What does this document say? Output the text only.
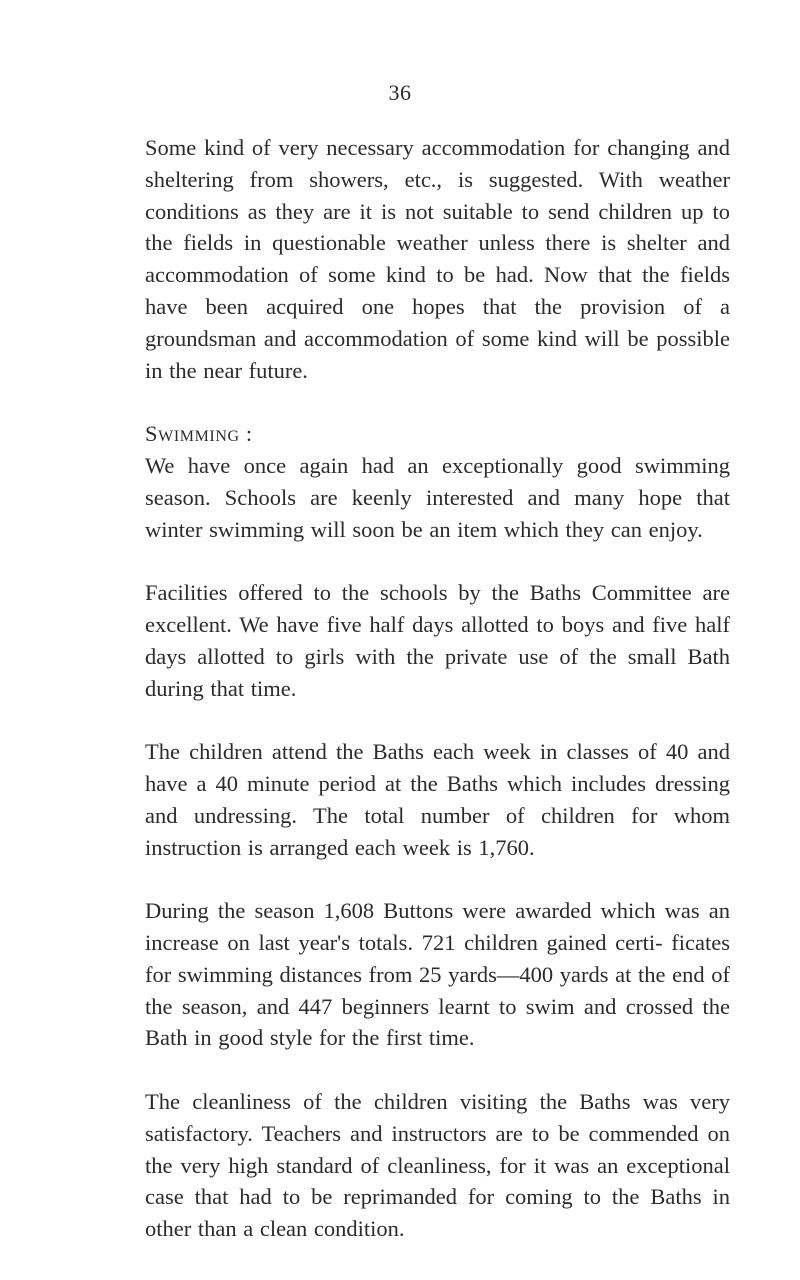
36

Some kind of very necessary accommodation for changing and sheltering from showers, etc., is suggested. With weather conditions as they are it is not suitable to send children up to the fields in questionable weather unless there is shelter and accommodation of some kind to be had. Now that the fields have been acquired one hopes that the provision of a groundsman and accommodation of some kind will be possible in the near future.

Swimming :

We have once again had an exceptionally good swimming season. Schools are keenly interested and many hope that winter swimming will soon be an item which they can enjoy.

Facilities offered to the schools by the Baths Committee are excellent. We have five half days allotted to boys and five half days allotted to girls with the private use of the small Bath during that time.

The children attend the Baths each week in classes of 40 and have a 40 minute period at the Baths which includes dressing and undressing. The total number of children for whom instruction is arranged each week is 1,760.

During the season 1,608 Buttons were awarded which was an increase on last year's totals. 721 children gained certi- ficates for swimming distances from 25 yards—400 yards at the end of the season, and 447 beginners learnt to swim and crossed the Bath in good style for the first time.

The cleanliness of the children visiting the Baths was very satisfactory. Teachers and instructors are to be commended on the very high standard of cleanliness, for it was an exceptional case that had to be reprimanded for coming to the Baths in other than a clean condition.
